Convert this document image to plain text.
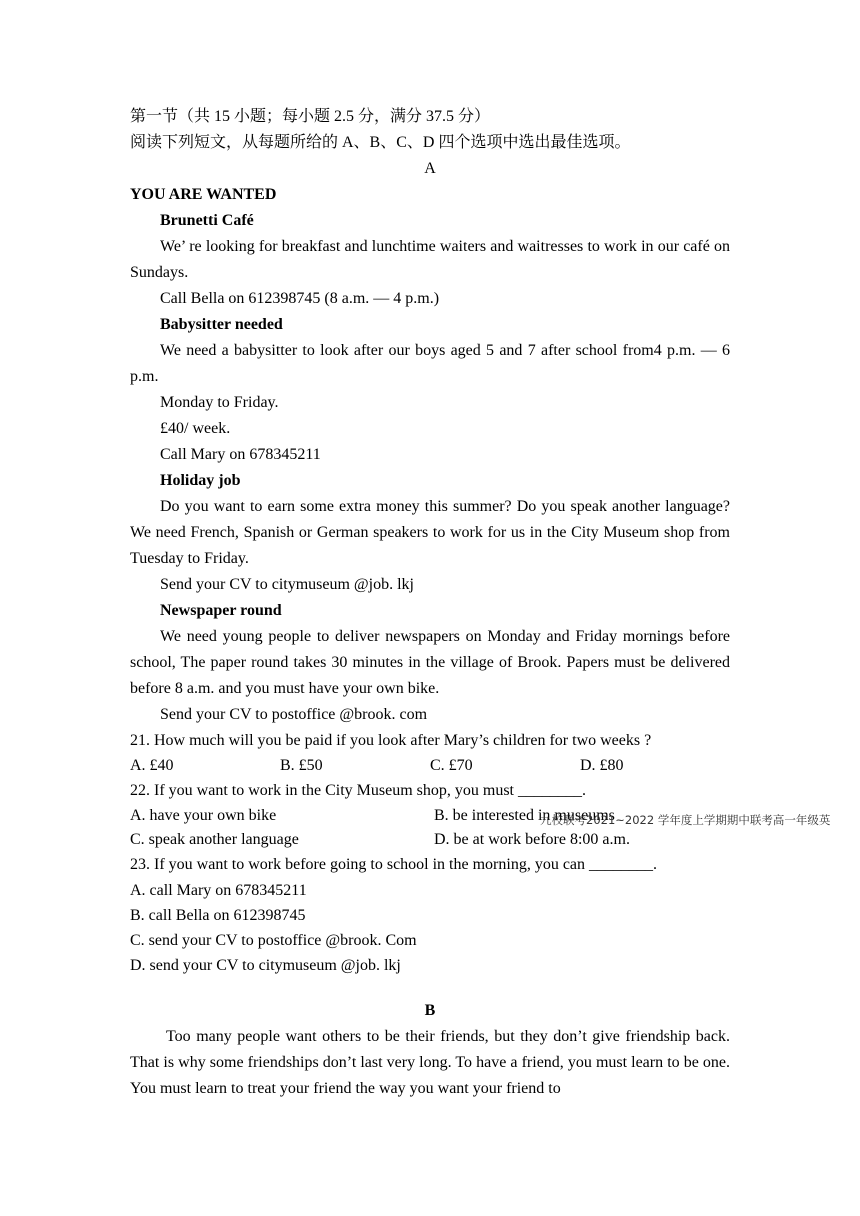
第一节（共 15 小题；每小题 2.5 分，满分 37.5 分）
阅读下列短文，从每题所给的 A、B、C、D 四个选项中选出最佳选项。
A
YOU ARE WANTED
Brunetti Café
We’ re looking for breakfast and lunchtime waiters and waitresses to work in our café on Sundays.
Call Bella on 612398745 (8 a.m. — 4 p.m.)
Babysitter needed
We need a babysitter to look after our boys aged 5 and 7 after school from4 p.m. — 6 p.m.
Monday to Friday.
£40/ week.
Call Mary on 678345211
Holiday job
Do you want to earn some extra money this summer? Do you speak another language? We need French, Spanish or German speakers to work for us in the City Museum shop from Tuesday to Friday.
Send your CV to citymuseum @job. lkj
Newspaper round
We need young people to deliver newspapers on Monday and Friday mornings before school, The paper round takes 30 minutes in the village of Brook. Papers must be delivered before 8 a.m. and you must have your own bike.
Send your CV to postoffice @brook. com
21. How much will you be paid if you look after Mary’s children for two weeks ?
A. £40	B. £50	C. £70	D. £80
22. If you want to work in the City Museum shop, you must ________.
A. have your own bike	B. be interested in museums
C. speak another language	D. be at work before 8:00 a.m.
23. If you want to work before going to school in the morning, you can ________.
A. call Mary on 678345211
B. call Bella on 612398745
C. send your CV to postoffice @brook. Com
D. send your CV to citymuseum @job. lkj
B
Too many people want others to be their friends, but they don’t give friendship back. That is why some friendships don’t last very long. To have a friend, you must learn to be one. You must learn to treat your friend the way you want your friend to
九校联考2021~2022 学年度上学期期中联考高一年级英
